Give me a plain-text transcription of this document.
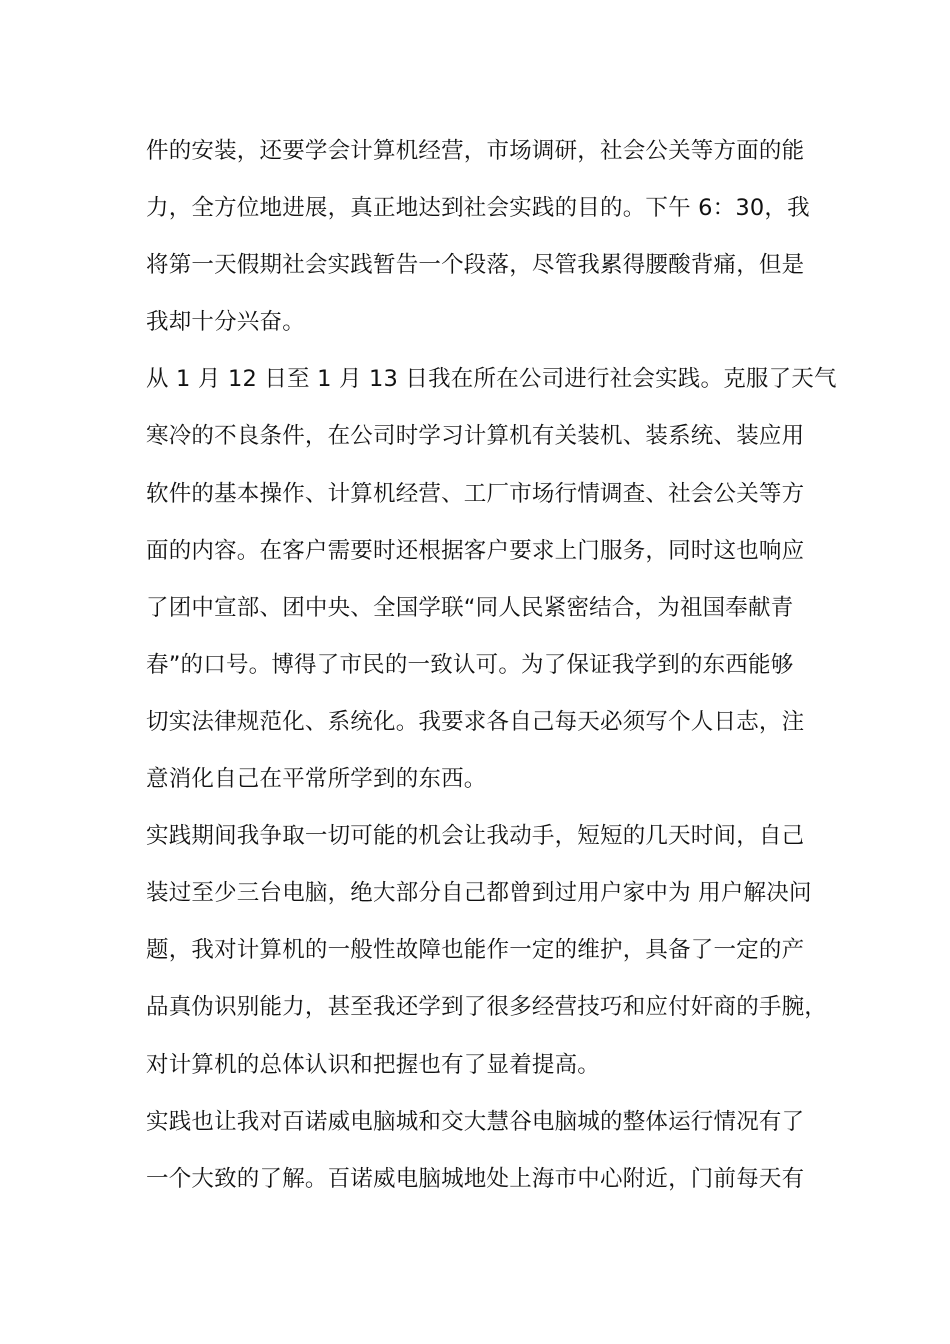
件的安装，还要学会计算机经营，市场调研，社会公关等方面的能
力，全方位地进展，真正地达到社会实践的目的。下午 6：30，我
将第一天假期社会实践暂告一个段落，尽管我累得腰酸背痛，但是
我却十分兴奋。
从 1 月 12 日至 1 月 13 日我在所在公司进行社会实践。克服了天气
寒冷的不良条件，在公司时学习计算机有关装机、装系统、装应用
软件的基本操作、计算机经营、工厂市场行情调查、社会公关等方
面的内容。在客户需要时还根据客户要求上门服务，同时这也响应
了团中宣部、团中央、全国学联“同人民紧密结合，为祖国奉献青
春”的口号。博得了市民的一致认可。为了保证我学到的东西能够
切实法律规范化、系统化。我要求各自己每天必须写个人日志，注
意消化自己在平常所学到的东西。
实践期间我争取一切可能的机会让我动手，短短的几天时间，自己
装过至少三台电脑，绝大部分自己都曾到过用户家中为 用户解决问
题，我对计算机的一般性故障也能作一定的维护，具备了一定的产
品真伪识别能力，甚至我还学到了很多经营技巧和应付奸商的手腕，
对计算机的总体认识和把握也有了显着提高。
实践也让我对百诺威电脑城和交大慧谷电脑城的整体运行情况有了
一个大致的了解。百诺威电脑城地处上海市中心附近，门前每天有
